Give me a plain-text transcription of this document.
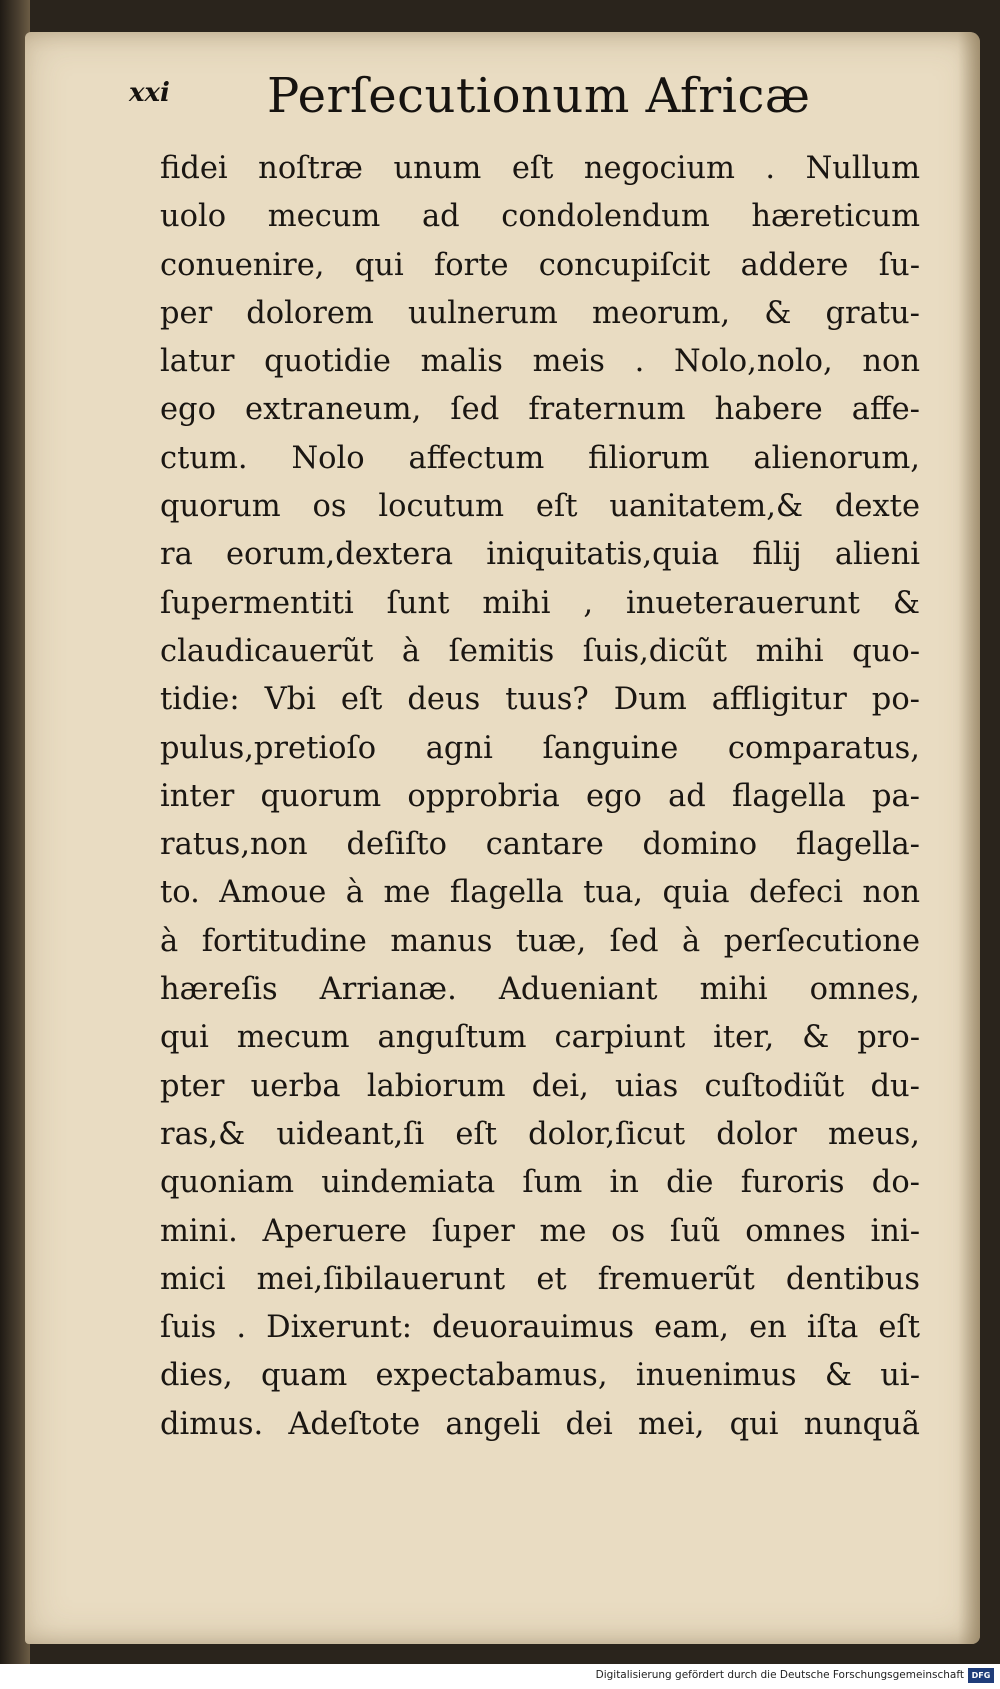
xxi Perſecutionum Africæ
fidei noſtræ unum eſt negocium . Nullum
uolo mecum ad condolendum hæreticum
conuenire, qui forte concupiſcit addere ſu-
per dolorem uulnerum meorum, & gratu-
latur quotidie malis meis . Nolo,nolo, non
ego extraneum, ſed fraternum habere affe-
ctum. Nolo affectum filiorum alienorum,
quorum os locutum eſt uanitatem,& dexte
ra eorum,dextera iniquitatis,quia filij alieni
ſupermentiti ſunt mihi , inueterauerunt &
claudicauerũt à ſemitis ſuis,dicũt mihi quo-
tidie: Vbi eſt deus tuus? Dum affligitur po-
pulus,pretioſo agni ſanguine comparatus,
inter quorum opprobria ego ad flagella pa-
ratus,non deſiſto cantare domino flagella-
to. Amoue à me flagella tua, quia defeci non
à fortitudine manus tuæ, ſed à perſecutione
hæreſis Arrianæ. Adueniant mihi omnes,
qui mecum anguſtum carpiunt iter, & pro-
pter uerba labiorum dei, uias cuſtodiũt du-
ras,& uideant,ſi eſt dolor,ſicut dolor meus,
quoniam uindemiata ſum in die furoris do-
mini. Aperuere ſuper me os ſuũ omnes ini-
mici mei,ſibilauerunt et fremuerũt dentibus
ſuis . Dixerunt: deuorauimus eam, en iſta eſt
dies, quam expectabamus, inuenimus & ui-
dimus. Adeſtote angeli dei mei, qui nunquã
Digitalisierung gefördert durch die Deutsche Forschungsgemeinschaft DFG
